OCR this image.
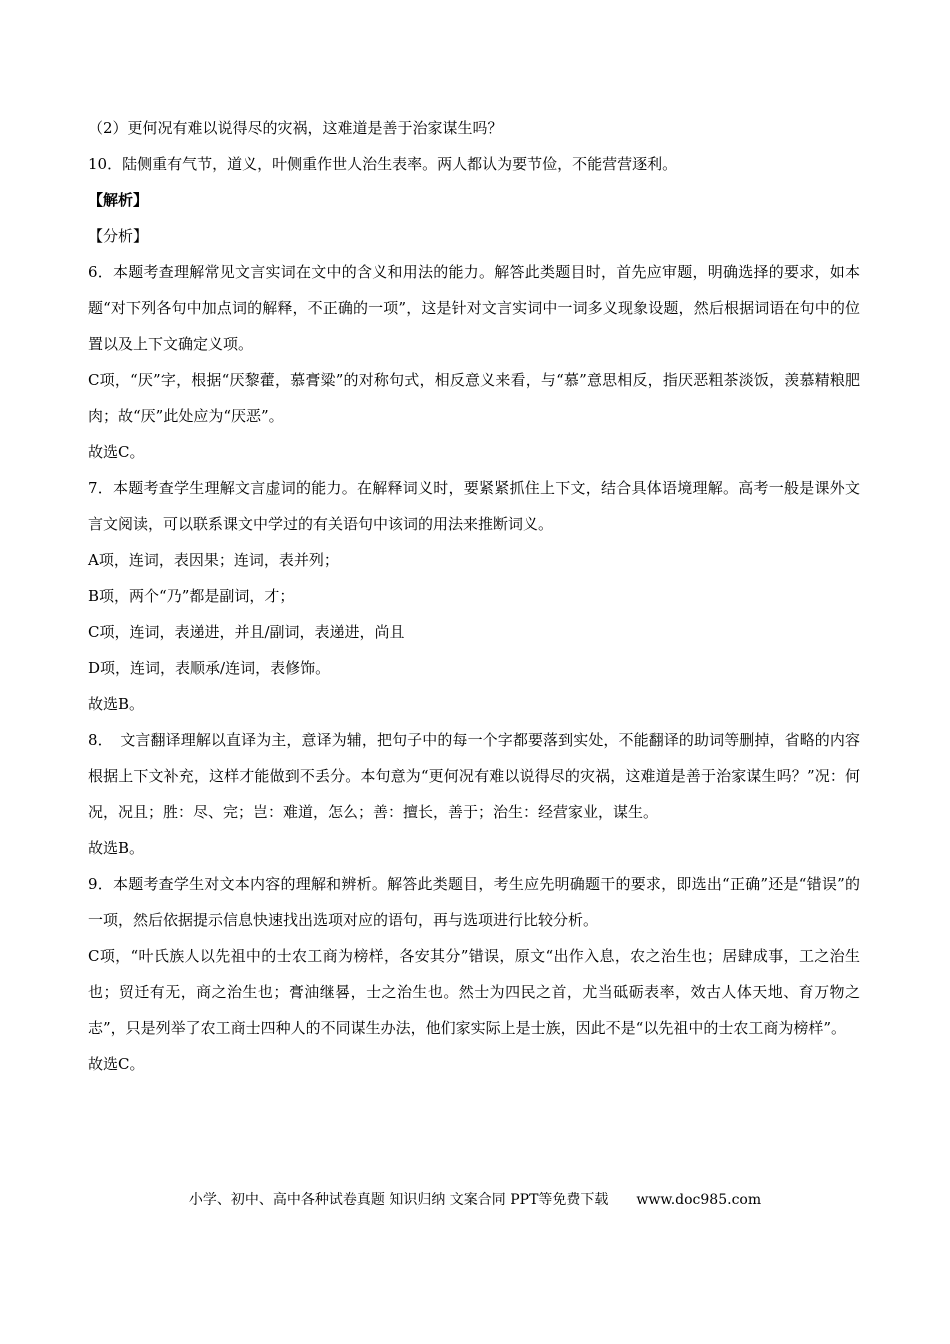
（2）更何况有难以说得尽的灾祸，这难道是善于治家谋生吗？

10．陆侧重有气节，道义，叶侧重作世人治生表率。两人都认为要节俭，不能营营逐利。

【解析】

【分析】

6．本题考查理解常见文言实词在文中的含义和用法的能力。解答此类题目时，首先应审题，明确选择的要求，如本题“对下列各句中加点词的解释，不正确的一项”，这是针对文言实词中一词多义现象设题，然后根据词语在句中的位置以及上下文确定义项。

C项，“厌”字，根据“厌黎藿，慕膏粱”的对称句式，相反意义来看，与“慕”意思相反，指厌恶粗茶淡饭，羡慕精粮肥肉；故“厌”此处应为“厌恶”。

故选C。

7．本题考查学生理解文言虚词的能力。在解释词义时，要紧紧抓住上下文，结合具体语境理解。高考一般是课外文言文阅读，可以联系课文中学过的有关语句中该词的用法来推断词义。

A项，连词，表因果；连词，表并列；

B项，两个“乃”都是副词，才；

C项，连词，表递进，并且/副词，表递进，尚且

D项，连词，表顺承/连词，表修饰。

故选B。

8．　文言翻译理解以直译为主，意译为辅，把句子中的每一个字都要落到实处，不能翻译的助词等删掉，省略的内容根据上下文补充，这样才能做到不丢分。本句意为“更何况有难以说得尽的灾祸，这难道是善于治家谋生吗？”况：何况，况且；胜：尽、完；岂：难道，怎么；善：擅长，善于；治生：经营家业，谋生。

故选B。

9．本题考查学生对文本内容的理解和辨析。解答此类题目，考生应先明确题干的要求，即选出“正确”还是“错误”的一项，然后依据提示信息快速找出选项对应的语句，再与选项进行比较分析。

C项，“叶氏族人以先祖中的士农工商为榜样，各安其分”错误，原文“出作入息，农之治生也；居肆成事，工之治生也；贸迁有无，商之治生也；膏油继晷，士之治生也。然士为四民之首，尤当砥砺表率，效古人体天地、育万物之志”，只是列举了农工商士四种人的不同谋生办法，他们家实际上是士族，因此不是“以先祖中的士农工商为榜样”。

故选C。

小学、初中、高中各种试卷真题 知识归纳 文案合同 PPT等免费下载 www.doc985.com
